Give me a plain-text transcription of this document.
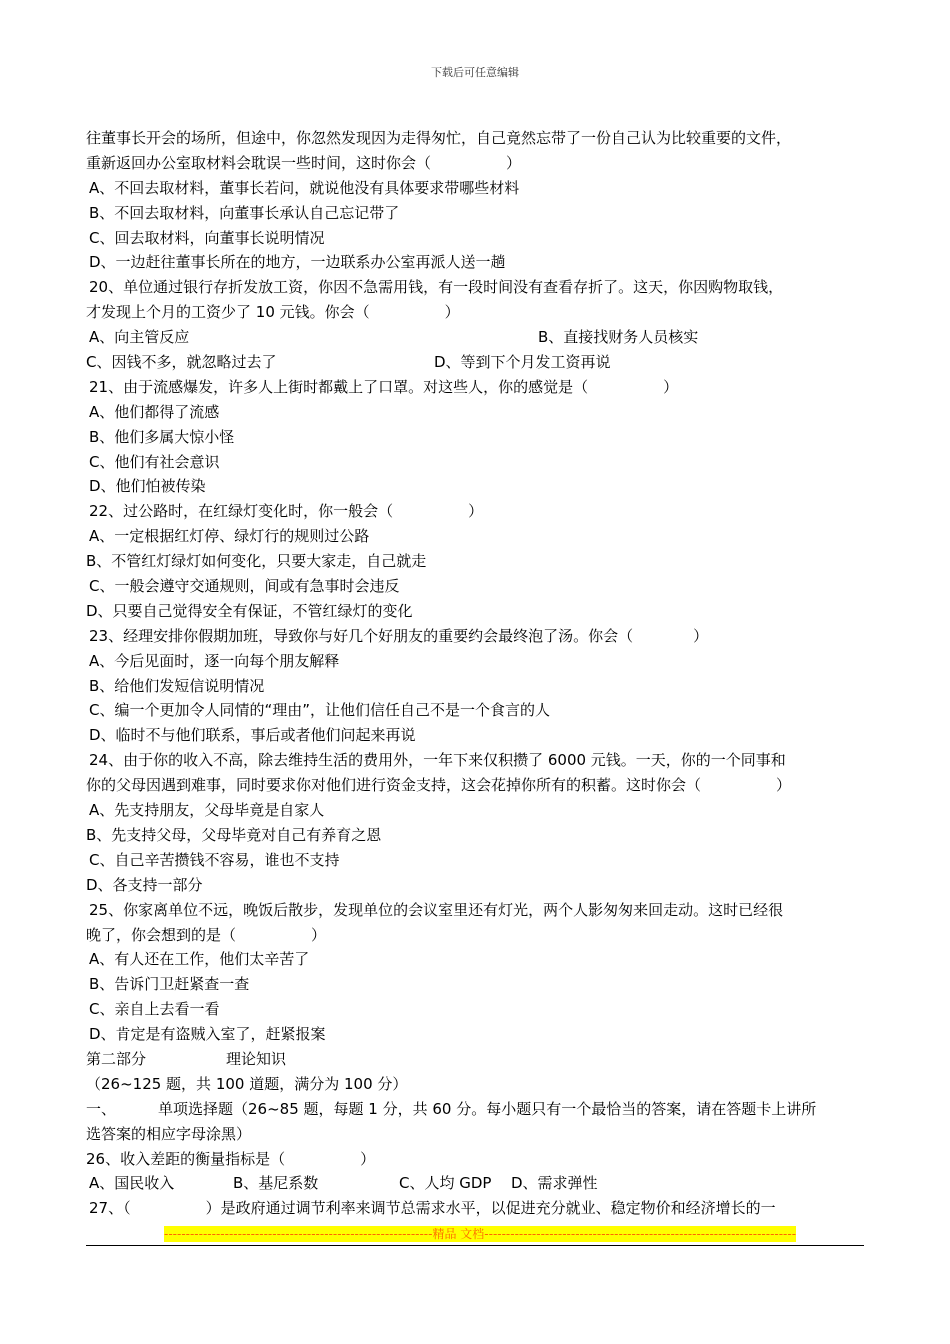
下载后可任意编辑
往董事长开会的场所，但途中，你忽然发现因为走得匆忙，自己竟然忘带了一份自己认为比较重要的文件，
重新返回办公室取材料会耽误一些时间，这时你会（　　　　　）
A、不回去取材料，董事长若问，就说他没有具体要求带哪些材料
B、不回去取材料，向董事长承认自己忘记带了
C、回去取材料，向董事长说明情况
D、一边赶往董事长所在的地方，一边联系办公室再派人送一趟
20、单位通过银行存折发放工资，你因不急需用钱，有一段时间没有查看存折了。这天，你因购物取钱，
才发现上个月的工资少了 10 元钱。你会（　　　　　）
A、向主管反应	B、直接找财务人员核实
C、因钱不多，就忽略过去了	D、等到下个月发工资再说
21、由于流感爆发，许多人上街时都戴上了口罩。对这些人，你的感觉是（　　　　　）
A、他们都得了流感
B、他们多属大惊小怪
C、他们有社会意识
D、他们怕被传染
22、过公路时，在红绿灯变化时，你一般会（　　　　　）
A、一定根据红灯停、绿灯行的规则过公路
B、不管红灯绿灯如何变化，只要大家走，自己就走
C、一般会遵守交通规则，间或有急事时会违反
D、只要自己觉得安全有保证，不管红绿灯的变化
23、经理安排你假期加班，导致你与好几个好朋友的重要约会最终泡了汤。你会（　　　　）
A、今后见面时，逐一向每个朋友解释
B、给他们发短信说明情况
C、编一个更加令人同情的“理由”，让他们信任自己不是一个食言的人
D、临时不与他们联系，事后或者他们问起来再说
24、由于你的收入不高，除去维持生活的费用外，一年下来仅积攒了 6000 元钱。一天，你的一个同事和
你的父母因遇到难事，同时要求你对他们进行资金支持，这会花掉你所有的积蓄。这时你会（　　　　　）
A、先支持朋友，父母毕竟是自家人
B、先支持父母，父母毕竟对自己有养育之恩
C、自己辛苦攒钱不容易，谁也不支持
D、各支持一部分
25、你家离单位不远，晚饭后散步，发现单位的会议室里还有灯光，两个人影匆匆来回走动。这时已经很
晚了，你会想到的是（　　　　　）
A、有人还在工作，他们太辛苦了
B、告诉门卫赶紧查一查
C、亲自上去看一看
D、肯定是有盗贼入室了，赶紧报案
第二部分	理论知识
（26~125 题，共 100 道题，满分为 100 分）
一、	单项选择题（26~85 题，每题 1 分，共 60 分。每小题只有一个最恰当的答案，请在答题卡上讲所
选答案的相应字母涂黑）
26、收入差距的衡量指标是（　　　　　）
A、国民收入	B、基尼系数	C、人均 GDP D、需求弹性
27、（　　　　　）是政府通过调节利率来调节总需求水平，以促进充分就业、稳定物价和经济增长的一
--------------------------------------------------------------精品 文档------------------------------------------------------------------------
